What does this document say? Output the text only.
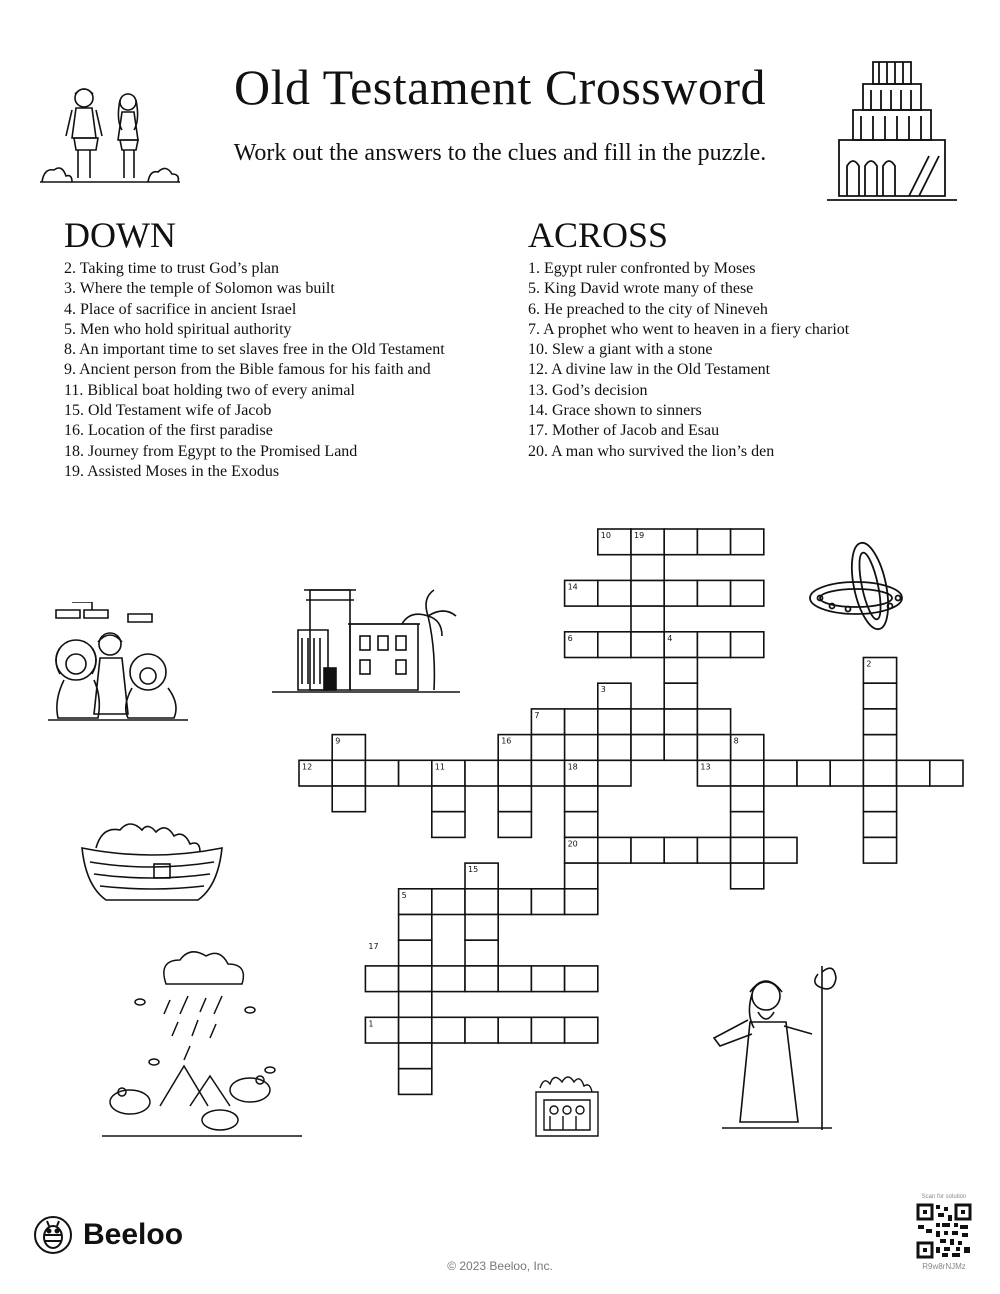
Old Testament Crossword
Work out the answers to the clues and fill in the puzzle.
DOWN	ACROSS
2. Taking time to trust God’s plan
3. Where the temple of Solomon was built
4. Place of sacrifice in ancient Israel
5. Men who hold spiritual authority
8. An important time to set slaves free in the Old Testament
9. Ancient person from the Bible famous for his faith and
11. Biblical boat holding two of every animal
15. Old Testament wife of Jacob
16. Location of the first paradise
18. Journey from Egypt to the Promised Land
19. Assisted Moses in the Exodus
1. Egypt ruler confronted by Moses
5. King David wrote many of these
6. He preached to the city of Nineveh
7. A prophet who went to heaven in a fiery chariot
10. Slew a giant with a stone
12. A divine law in the Old Testament
13. God’s decision
14. Grace shown to sinners
17. Mother of Jacob and Esau
20. A man who survived the lion’s den
10	19
14
6	4
2
3
7
9	16	8
12	11	18	13
20
15
5
17
1
Beeloo
© 2023 Beeloo, Inc.
Scan for solution
R9w8rNJMz
